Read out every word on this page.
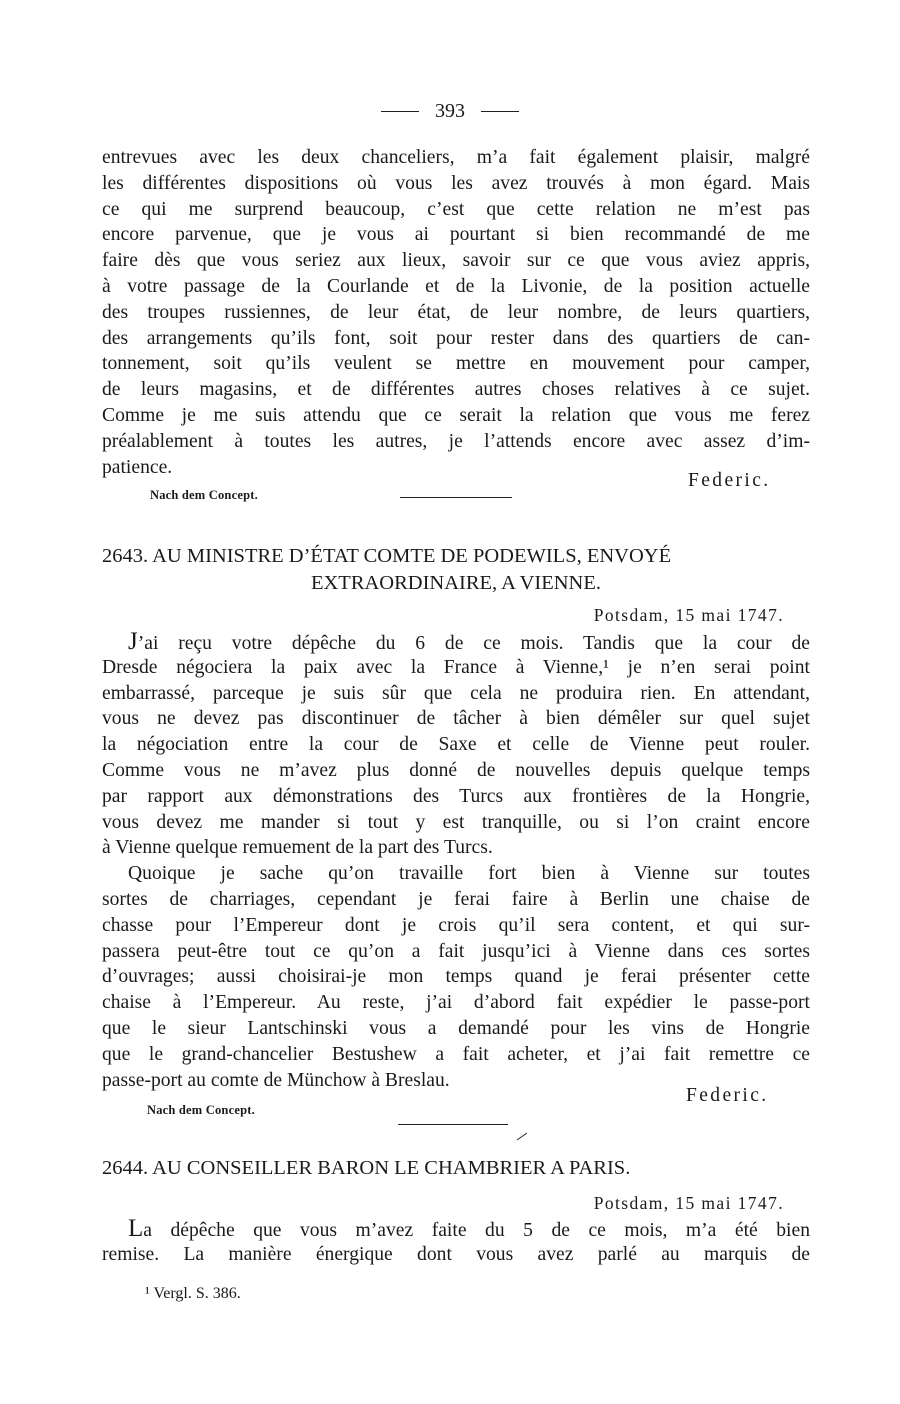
393
entrevues avec les deux chanceliers, m’a fait également plaisir, malgré
les différentes dispositions où vous les avez trouvés à mon égard. Mais
ce qui me surprend beaucoup, c’est que cette relation ne m’est pas
encore parvenue, que je vous ai pourtant si bien recommandé de me
faire dès que vous seriez aux lieux, savoir sur ce que vous aviez appris,
à votre passage de la Courlande et de la Livonie, de la position actuelle
des troupes russiennes, de leur état, de leur nombre, de leurs quartiers,
des arrangements qu’ils font, soit pour rester dans des quartiers de can-
tonnement, soit qu’ils veulent se mettre en mouvement pour camper,
de leurs magasins, et de différentes autres choses relatives à ce sujet.
Comme je me suis attendu que ce serait la relation que vous me ferez
préalablement à toutes les autres, je l’attends encore avec assez d’im-
patience.
Federic.
Nach dem Concept.
2643. AU MINISTRE D’ÉTAT COMTE DE PODEWILS, ENVOYÉ
EXTRAORDINAIRE, A VIENNE.
Potsdam, 15 mai 1747.
J’ai reçu votre dépêche du 6 de ce mois. Tandis que la cour de
Dresde négociera la paix avec la France à Vienne,¹ je n’en serai point
embarrassé, parceque je suis sûr que cela ne produira rien. En attendant,
vous ne devez pas discontinuer de tâcher à bien démêler sur quel sujet
la négociation entre la cour de Saxe et celle de Vienne peut rouler.
Comme vous ne m’avez plus donné de nouvelles depuis quelque temps
par rapport aux démonstrations des Turcs aux frontières de la Hongrie,
vous devez me mander si tout y est tranquille, ou si l’on craint encore
à Vienne quelque remuement de la part des Turcs.
Quoique je sache qu’on travaille fort bien à Vienne sur toutes
sortes de charriages, cependant je ferai faire à Berlin une chaise de
chasse pour l’Empereur dont je crois qu’il sera content, et qui sur-
passera peut-être tout ce qu’on a fait jusqu’ici à Vienne dans ces sortes
d’ouvrages; aussi choisirai-je mon temps quand je ferai présenter cette
chaise à l’Empereur. Au reste, j’ai d’abord fait expédier le passe-port
que le sieur Lantschinski vous a demandé pour les vins de Hongrie
que le grand-chancelier Bestushew a fait acheter, et j’ai fait remettre ce
passe-port au comte de Münchow à Breslau.
Federic.
Nach dem Concept.
2644. AU CONSEILLER BARON LE CHAMBRIER A PARIS.
Potsdam, 15 mai 1747.
La dépêche que vous m’avez faite du 5 de ce mois, m’a été bien
remise. La manière énergique dont vous avez parlé au marquis de
¹ Vergl. S. 386.
